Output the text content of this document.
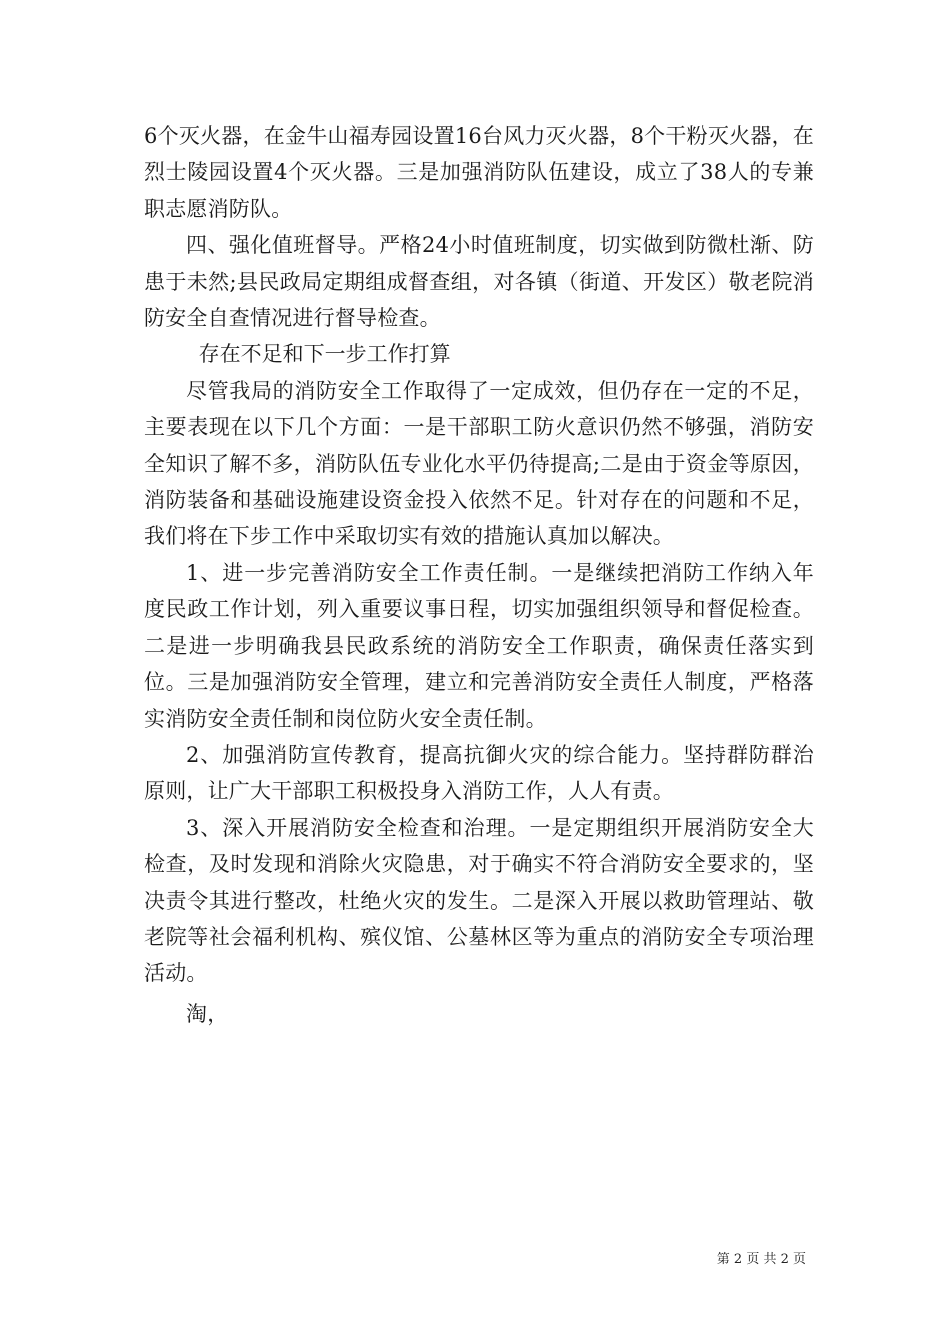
6个灭火器，在金牛山福寿园设置16台风力灭火器，8个干粉灭火器，在烈士陵园设置4个灭火器。三是加强消防队伍建设，成立了38人的专兼职志愿消防队。

四、强化值班督导。严格24小时值班制度，切实做到防微杜渐、防患于未然;县民政局定期组成督查组，对各镇（街道、开发区）敬老院消防安全自查情况进行督导检查。

存在不足和下一步工作打算

尽管我局的消防安全工作取得了一定成效，但仍存在一定的不足，主要表现在以下几个方面：一是干部职工防火意识仍然不够强，消防安全知识了解不多，消防队伍专业化水平仍待提高;二是由于资金等原因，消防装备和基础设施建设资金投入依然不足。针对存在的问题和不足，我们将在下步工作中采取切实有效的措施认真加以解决。

1、进一步完善消防安全工作责任制。一是继续把消防工作纳入年度民政工作计划，列入重要议事日程，切实加强组织领导和督促检查。二是进一步明确我县民政系统的消防安全工作职责，确保责任落实到位。三是加强消防安全管理，建立和完善消防安全责任人制度，严格落实消防安全责任制和岗位防火安全责任制。

2、加强消防宣传教育，提高抗御火灾的综合能力。坚持群防群治原则，让广大干部职工积极投身入消防工作，人人有责。

3、深入开展消防安全检查和治理。一是定期组织开展消防安全大检查，及时发现和消除火灾隐患，对于确实不符合消防安全要求的，坚决责令其进行整改，杜绝火灾的发生。二是深入开展以救助管理站、敬老院等社会福利机构、殡仪馆、公墓林区等为重点的消防安全专项治理活动。

淘，

第 2 页 共 2 页
